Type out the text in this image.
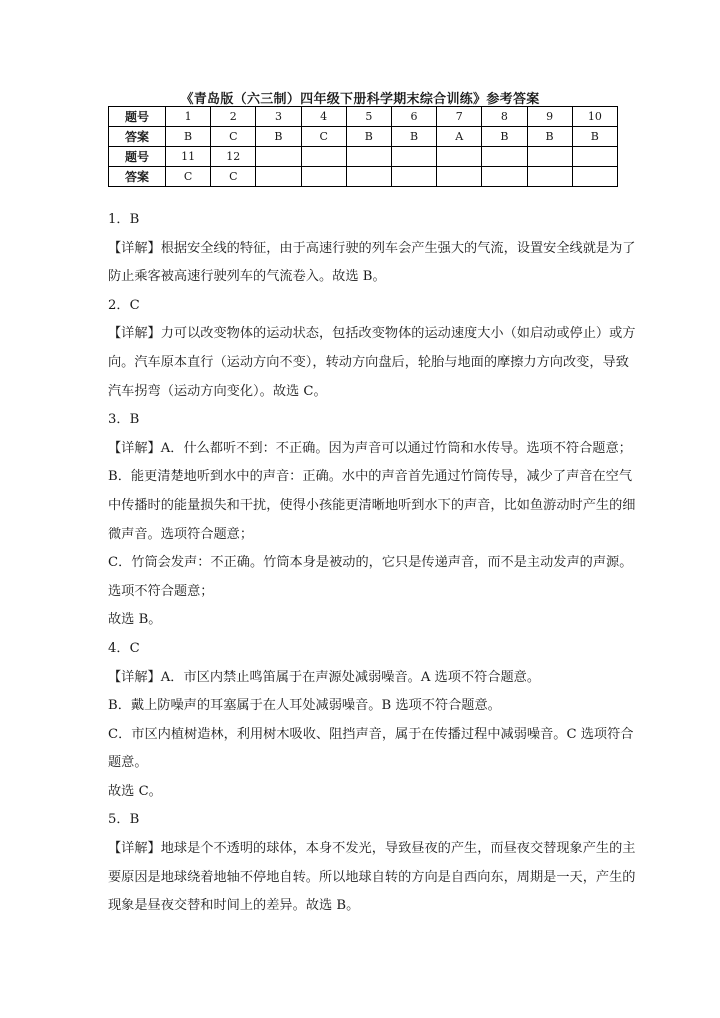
《青岛版（六三制）四年级下册科学期末综合训练》参考答案
题号	1	2	3	4	5	6	7	8	9	10
答案	B	C	B	C	B	B	A	B	B	B
题号	11	12								
答案	C	C								

1．B

【详解】根据安全线的特征，由于高速行驶的列车会产生强大的气流，设置安全线就是为了

防止乘客被高速行驶列车的气流卷入。故选 B。

2．C

【详解】力可以改变物体的运动状态，包括改变物体的运动速度大小（如启动或停止）或方

向。汽车原本直行（运动方向不变），转动方向盘后，轮胎与地面的摩擦力方向改变，导致

汽车拐弯（运动方向变化）。故选 C。

3．B

【详解】A．什么都听不到：不正确。因为声音可以通过竹筒和水传导。选项不符合题意；

B．能更清楚地听到水中的声音：正确。水中的声音首先通过竹筒传导，减少了声音在空气

中传播时的能量损失和干扰，使得小孩能更清晰地听到水下的声音，比如鱼游动时产生的细

微声音。选项符合题意；

C．竹筒会发声：不正确。竹筒本身是被动的，它只是传递声音，而不是主动发声的声源。

选项不符合题意；

故选 B。

4．C

【详解】A．市区内禁止鸣笛属于在声源处减弱噪音。A 选项不符合题意。

B．戴上防噪声的耳塞属于在人耳处减弱噪音。B 选项不符合题意。

C．市区内植树造林，利用树木吸收、阻挡声音，属于在传播过程中减弱噪音。C 选项符合

题意。

故选 C。

5．B

【详解】地球是个不透明的球体，本身不发光，导致昼夜的产生，而昼夜交替现象产生的主

要原因是地球绕着地轴不停地自转。所以地球自转的方向是自西向东，周期是一天，产生的

现象是昼夜交替和时间上的差异。故选 B。
